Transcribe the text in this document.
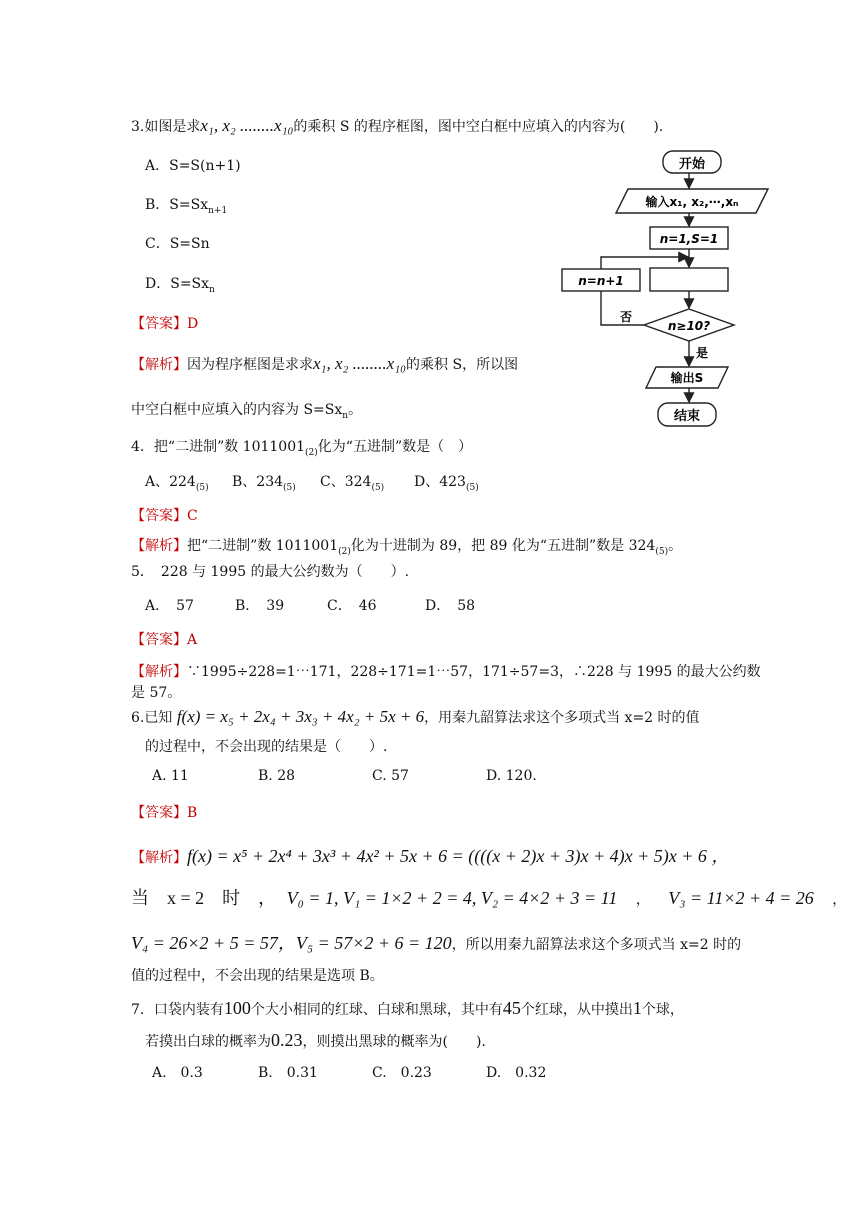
3.如图是求x₁, x₂ ........x₁₀的乘积 S 的程序框图，图中空白框中应填入的内容为(　　).
A．S=S(n+1)
B．$S=Sx_{n+1}$
C．S=Sn
D．$S=Sx_n$
【答案】D
【解析】因为程序框图是求求x₁, x₂ ........x₁₀的乘积 S，所以图
中空白框中应填入的内容为 $S=Sx_n$。
开始
输入x₁, x₂,⋯,xₙ
n=1,S=1
n=n+1
n≥10?
否
是
输出S
结束
4．把“二进制”数 $1011001_{(2)}$化为“五进制”数是（　）
A、$224_{(5)}$ B、$234_{(5)}$ C、$324_{(5)}$ D、$423_{(5)}$
【答案】C
【解析】把“二进制”数 $1011001_{(2)}$化为十进制为 89，把 89 化为“五进制”数是 $324_{(5)}$。
5．　228 与 1995 的最大公约数为（　　）.
A．　57	B．　39	C．　46	D．　58
【答案】A
【解析】∵1995÷228=1⋯171，228÷171=1⋯57，171÷57=3，∴228 与 1995 的最大公约数
是 57。
6.已知 f(x) = x₅ + 2x₄ + 3x₃ + 4x₂ + 5x + 6，用秦九韶算法求这个多项式当 x=2 时的值
的过程中，不会出现的结果是（　　）.
A. 11	B. 28	C. 57	D. 120.
【答案】B
【解析】f(x) = x⁵ + 2x⁴ + 3x³ + 4x² + 5x + 6 = ((((x + 2)x + 3)x + 4)x + 5)x + 6 ，
当　x = 2　时　， V₀ = 1, V₁ = 1×2 + 2 = 4, V₂ = 4×2 + 3 = 11 ， V₃ = 11×2 + 4 = 26 ，
V₄ = 26×2 + 5 = 57，V₅ = 57×2 + 6 = 120，所以用秦九韶算法求这个多项式当 x=2 时的
值的过程中，不会出现的结果是选项 B。
7．口袋内装有100个大小相同的红球、白球和黑球，其中有45个红球，从中摸出1个球，
若摸出白球的概率为0.23，则摸出黑球的概率为(　　).
A.　0.3	B.　0.31	C.　0.23	D.　0.32
